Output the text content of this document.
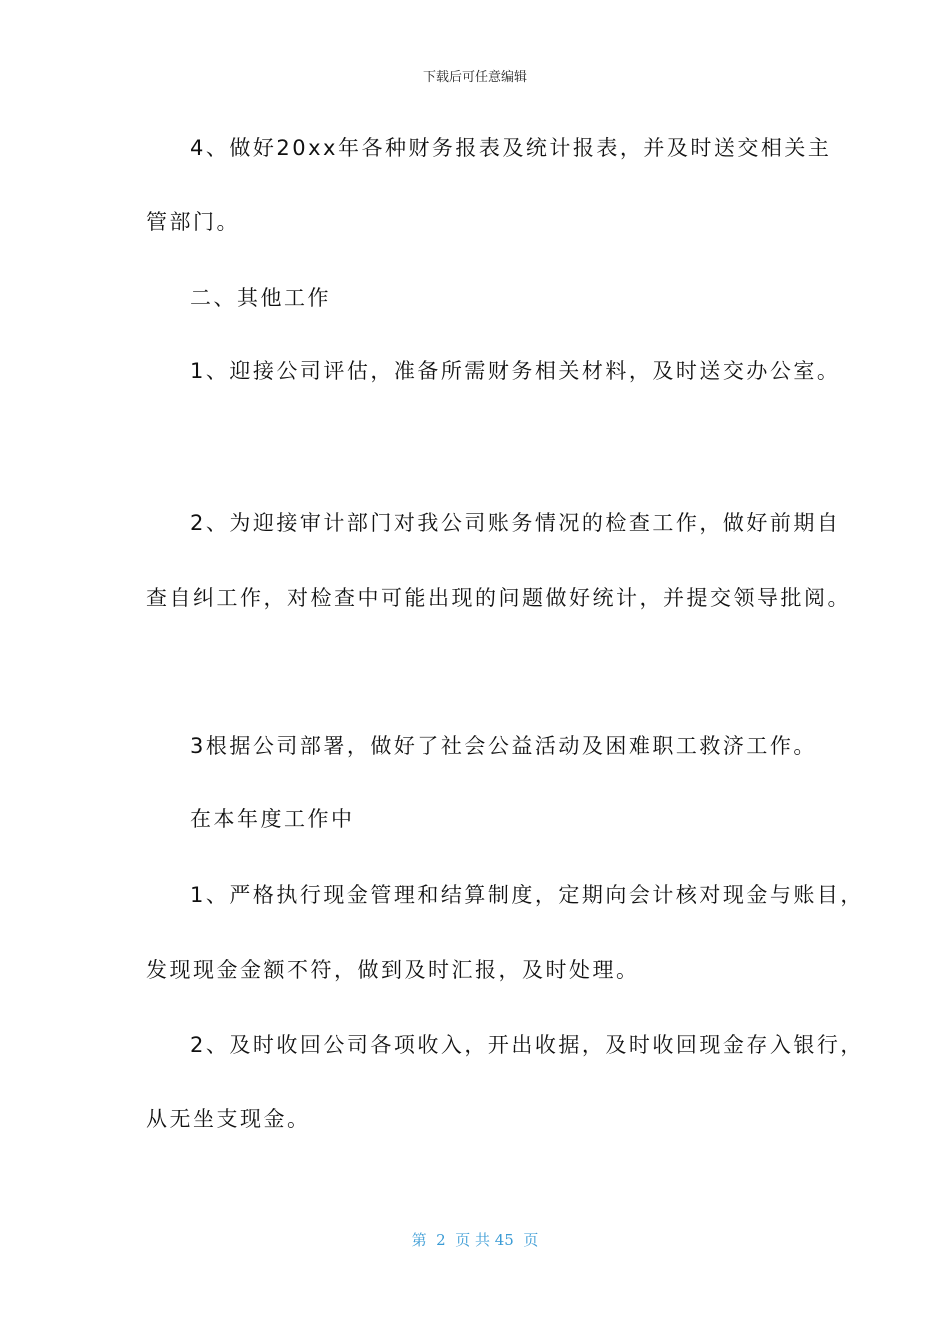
下载后可任意编辑
4、做好20xx年各种财务报表及统计报表，并及时送交相关主
管部门。
二、其他工作
1、迎接公司评估，准备所需财务相关材料，及时送交办公室。
2、为迎接审计部门对我公司账务情况的检查工作，做好前期自
查自纠工作，对检查中可能出现的问题做好统计，并提交领导批阅。
3根据公司部署，做好了社会公益活动及困难职工救济工作。
在本年度工作中
1、严格执行现金管理和结算制度，定期向会计核对现金与账目，
发现现金金额不符，做到及时汇报，及时处理。
2、及时收回公司各项收入，开出收据，及时收回现金存入银行，
从无坐支现金。
第  2  页 共 45  页
